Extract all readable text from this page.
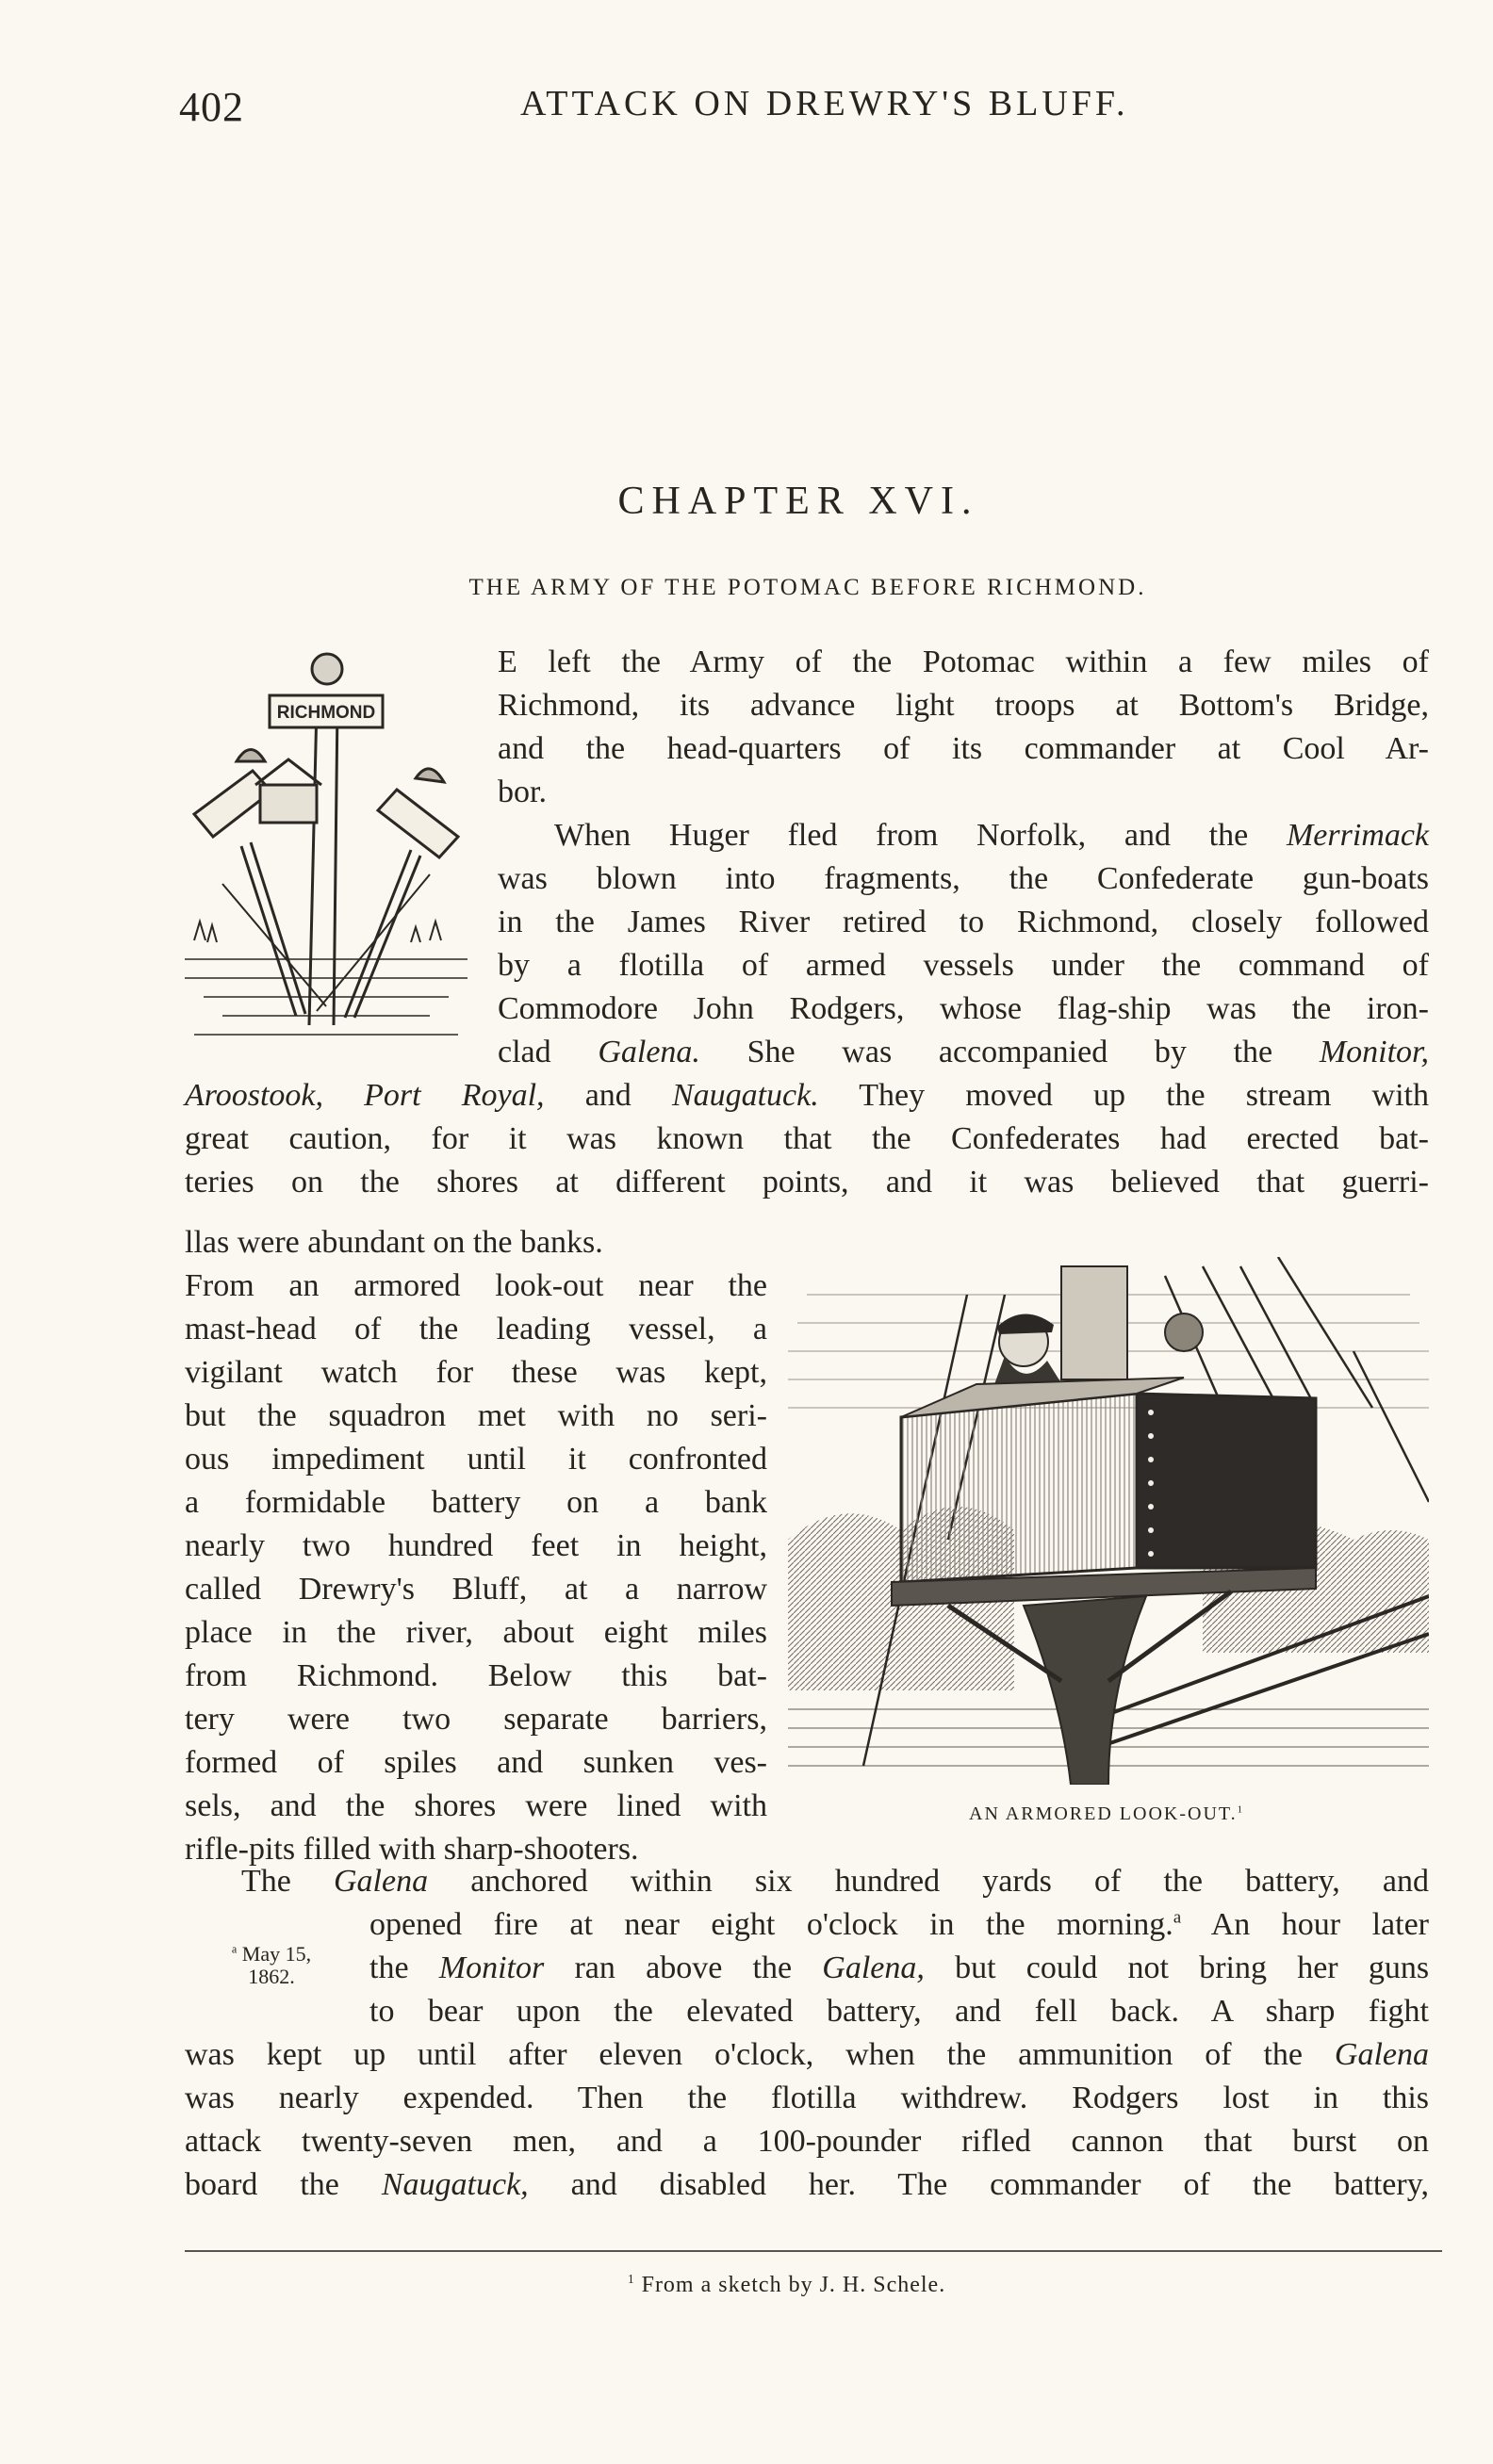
402	ATTACK ON DREWRY'S BLUFF.
CHAPTER XVI.
THE ARMY OF THE POTOMAC BEFORE RICHMOND.
RICHMOND
E left the Army of the Potomac within a few miles of
Richmond, its advance light troops at Bottom's Bridge,
and the head-quarters of its commander at Cool Ar-
bor.
When Huger fled from Norfolk, and the Merrimack
was blown into fragments, the Confederate gun-boats
in the James River retired to Richmond, closely followed
by a flotilla of armed vessels under the command of
Commodore John Rodgers, whose flag-ship was the iron-
clad Galena. She was accompanied by the Monitor,
Aroostook, Port Royal, and Naugatuck. They moved up the stream with
great caution, for it was known that the Confederates had erected bat-
teries on the shores at different points, and it was believed that guerri-
llas were abundant on the banks.
From an armored look-out near the
mast-head of the leading vessel, a
vigilant watch for these was kept,
but the squadron met with no seri-
ous impediment until it confronted
a formidable battery on a bank
nearly two hundred feet in height,
called Drewry's Bluff, at a narrow
place in the river, about eight miles
from Richmond. Below this bat-
tery were two separate barriers,
formed of spiles and sunken ves-
sels, and the shores were lined with
rifle-pits filled with sharp-shooters.
AN ARMORED LOOK-OUT.$^1$
The Galena anchored within six hundred yards of the battery, and
opened fire at near eight o'clock in the morning.$^a$ An hour later
the Monitor ran above the Galena, but could not bring her guns
to bear upon the elevated battery, and fell back. A sharp fight
was kept up until after eleven o'clock, when the ammunition of the Galena
was nearly expended. Then the flotilla withdrew. Rodgers lost in this
attack twenty-seven men, and a 100-pounder rifled cannon that burst on
board the Naugatuck, and disabled her. The commander of the battery,
$^a$ May 15,
1862.
$^1$ From a sketch by J. H. Schele.
